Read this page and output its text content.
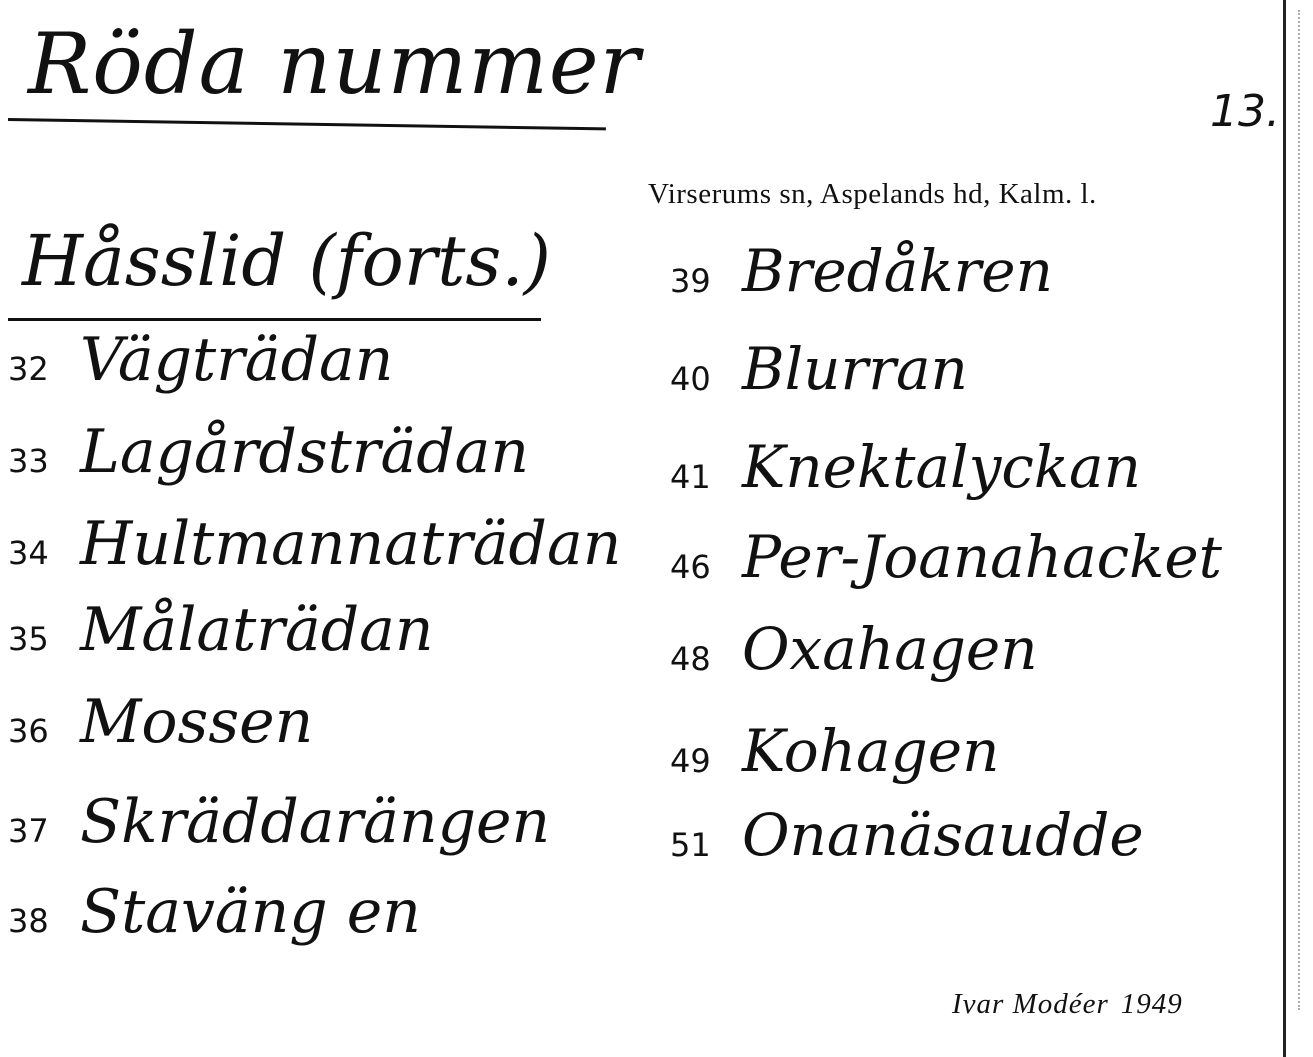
Röda nummer	13.
Virserums sn, Aspelands hd, Kalm. l.
Håsslid (forts.)
32 Vägträdan
33 Lagårdsträdan
34 Hultmannaträdan
35 Målaträdan
36 Mossen
37 Skräddarängen
38 Staväng en
39 Bredåkren
40 Blurran
41 Knektalyckan
46 Per-Joanahacket
48 Oxahagen
49 Kohagen
51 Onanäsaudde
Ivar Modéer 1949
